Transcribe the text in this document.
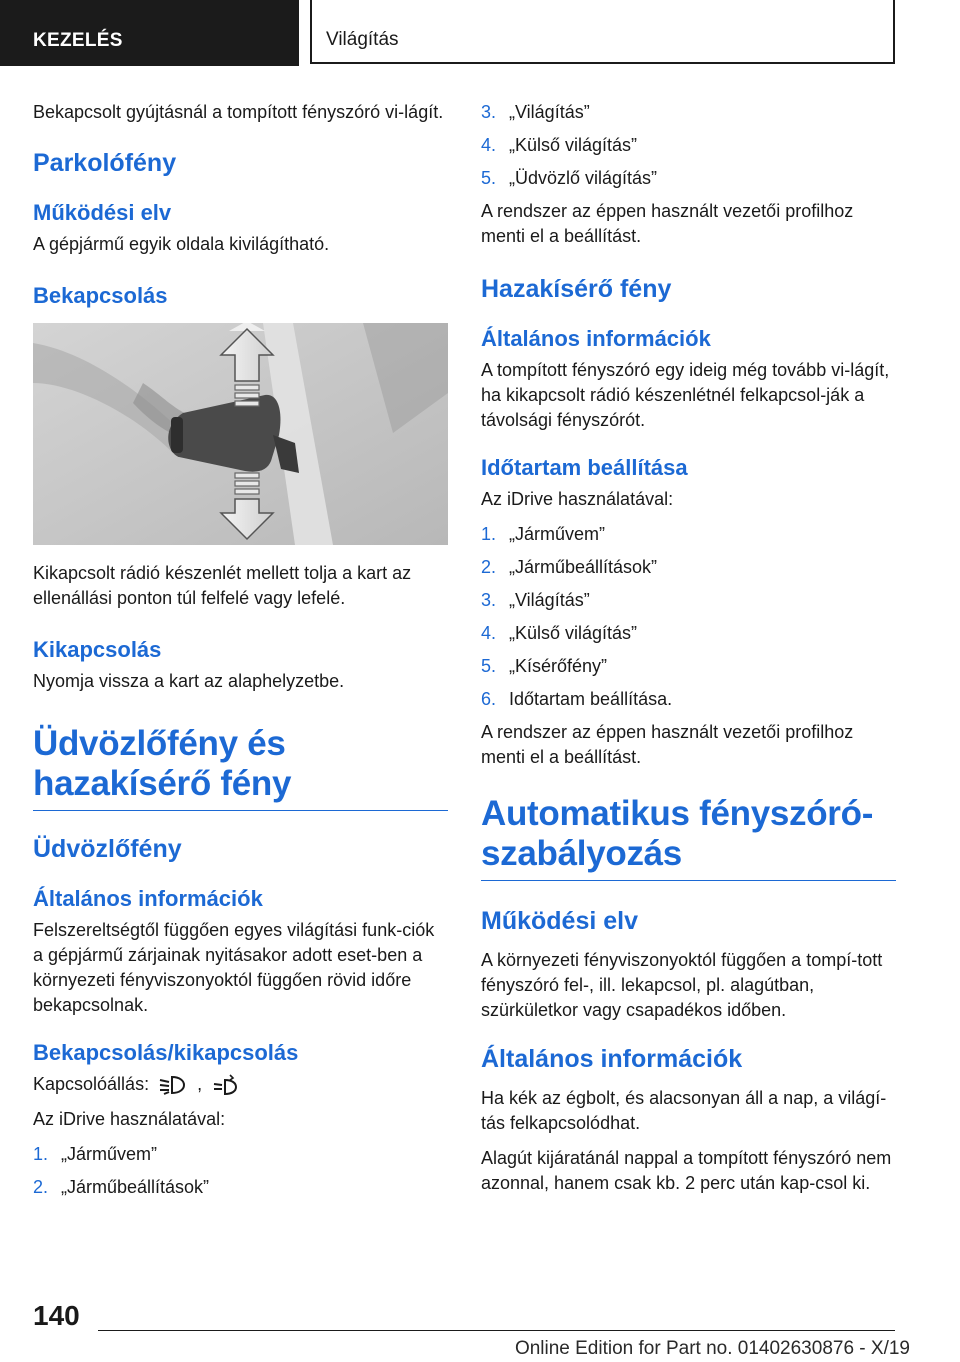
KEZELÉS	Világítás

Bekapcsolt gyújtásnál a tompított fényszóró vi-lágít.

Parkolófény
Működési elv

A gépjármű egyik oldala kivilágítható.

Bekapcsolás

Kikapcsolt rádió készenlét mellett tolja a kart az ellenállási ponton túl felfelé vagy lefelé.

Kikapcsolás

Nyomja vissza a kart az alaphelyzetbe.

Üdvözlőfény és hazakísérő fény
Üdvözlőfény
Általános információk

Felszereltségtől függően egyes világítási funk-ciók a gépjármű zárjainak nyitásakor adott eset-ben a környezeti fényviszonyoktól függően rövid időre bekapcsolnak.

Bekapcsolás/kikapcsolás

Kapcsolóállás:	,

Az iDrive használatával:

1. „Járművem”
2. „Járműbeállítások”
3. „Világítás”
4. „Külső világítás”
5. „Üdvözlő világítás”

A rendszer az éppen használt vezetői profilhoz menti el a beállítást.

Hazakísérő fény
Általános információk

A tompított fényszóró egy ideig még tovább vi-lágít, ha kikapcsolt rádió készenlétnél felkapcsol-ják a távolsági fényszórót.

Időtartam beállítása

Az iDrive használatával:

1. „Járművem”
2. „Járműbeállítások”
3. „Világítás”
4. „Külső világítás”
5. „Kísérőfény”
6. Időtartam beállítása.

A rendszer az éppen használt vezetői profilhoz menti el a beállítást.

Automatikus fényszóró-szabályozás
Működési elv

A környezeti fényviszonyoktól függően a tompí-tott fényszóró fel-, ill. lekapcsol, pl. alagútban, szürkületkor vagy csapadékos időben.

Általános információk

Ha kék az égbolt, és alacsonyan áll a nap, a világí-tás felkapcsolódhat.

Alagút kijáratánál nappal a tompított fényszóró nem azonnal, hanem csak kb. 2 perc után kap-csol ki.

140
Online Edition for Part no. 01402630876 - X/19
